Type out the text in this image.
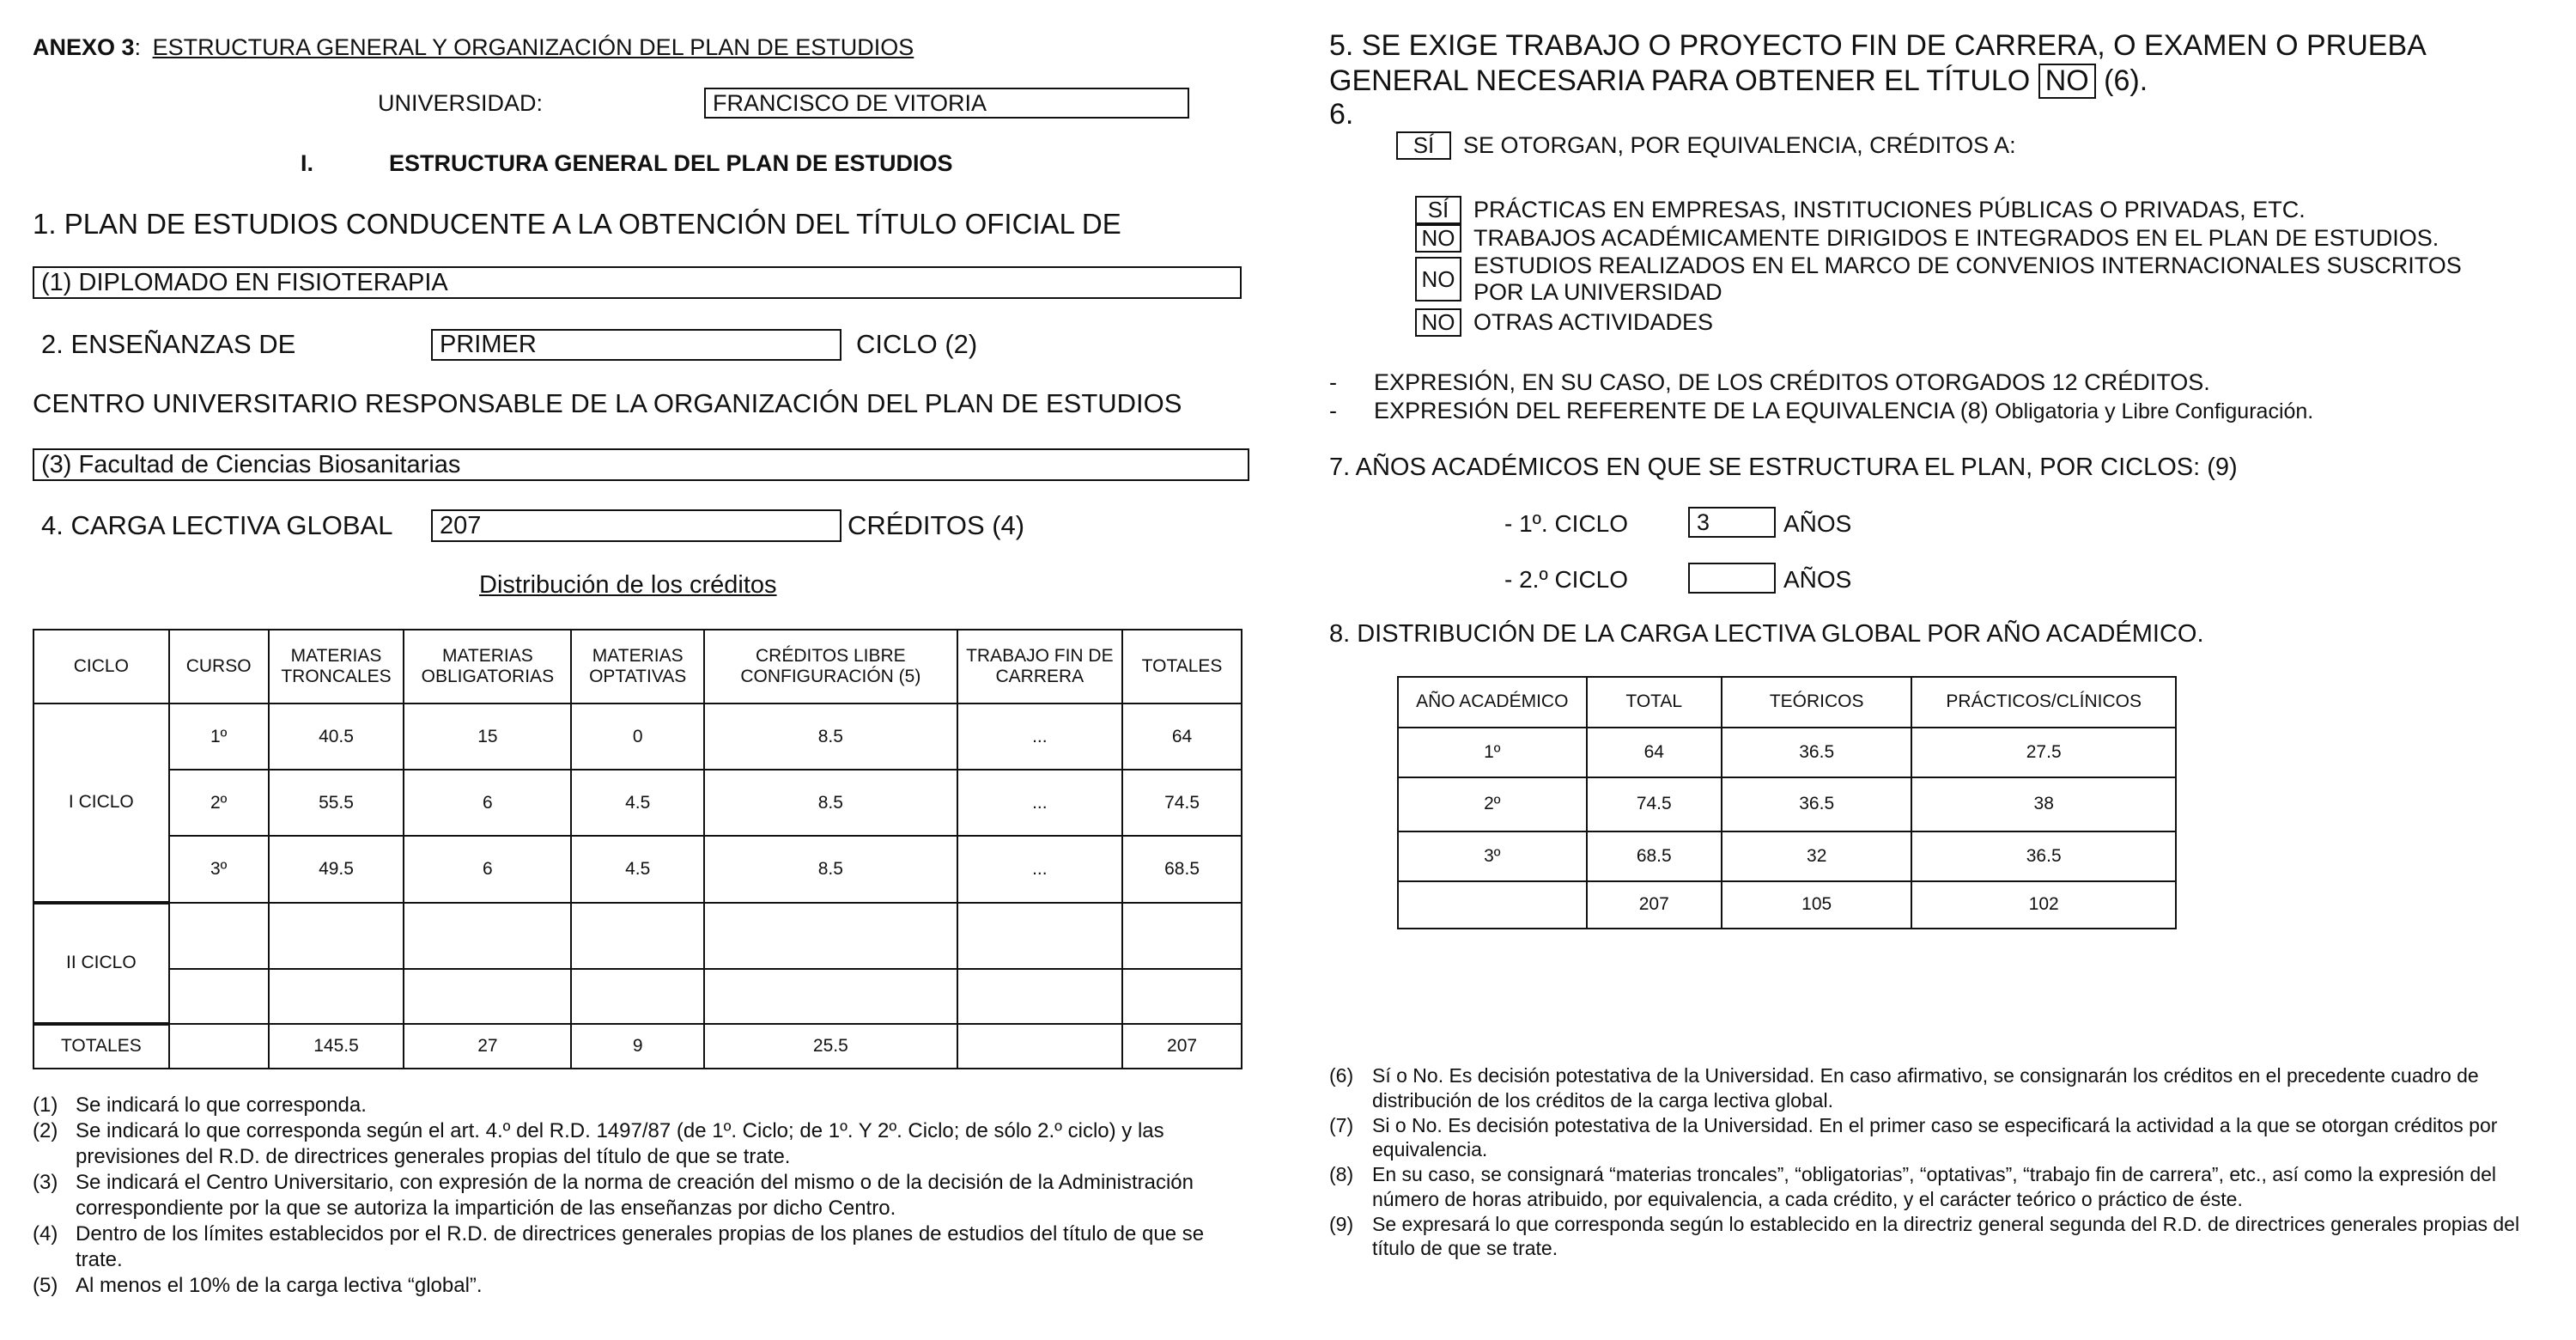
ANEXO 3: ESTRUCTURA GENERAL Y ORGANIZACIÓN DEL PLAN DE ESTUDIOS
UNIVERSIDAD:	FRANCISCO DE VITORIA
I.	ESTRUCTURA GENERAL DEL PLAN DE ESTUDIOS
1. PLAN DE ESTUDIOS CONDUCENTE A LA OBTENCIÓN DEL TÍTULO OFICIAL DE
(1) DIPLOMADO EN FISIOTERAPIA
2. ENSEÑANZAS DE	PRIMER	CICLO (2)
CENTRO UNIVERSITARIO RESPONSABLE DE LA ORGANIZACIÓN DEL PLAN DE ESTUDIOS
(3) Facultad de Ciencias Biosanitarias
4. CARGA LECTIVA GLOBAL	207	CRÉDITOS (4)
Distribución de los créditos
CICLO	CURSO	MATERIAS TRONCALES	MATERIAS OBLIGATORIAS	MATERIAS OPTATIVAS	CRÉDITOS LIBRE CONFIGURACIÓN (5)	TRABAJO FIN DE CARRERA	TOTALES
I CICLO	1º	40.5	15	0	8.5	...	64
	2º	55.5	6	4.5	8.5	...	74.5
	3º	49.5	6	4.5	8.5	...	68.5
II CICLO							

TOTALES		145.5	27	9	25.5		207
(1) Se indicará lo que corresponda.
(2) Se indicará lo que corresponda según el art. 4.º del R.D. 1497/87 (de 1º. Ciclo; de 1º. Y 2º. Ciclo; de sólo 2.º ciclo) y las previsiones del R.D. de directrices generales propias del título de que se trate.
(3) Se indicará el Centro Universitario, con expresión de la norma de creación del mismo o de la decisión de la Administración correspondiente por la que se autoriza la impartición de las enseñanzas por dicho Centro.
(4) Dentro de los límites establecidos por el R.D. de directrices generales propias de los planes de estudios del título de que se trate.
(5) Al menos el 10% de la carga lectiva “global”.
5. SE EXIGE TRABAJO O PROYECTO FIN DE CARRERA, O EXAMEN O PRUEBA
GENERAL NECESARIA PARA OBTENER EL TÍTULO NO (6).
6.
SÍ	SE OTORGAN, POR EQUIVALENCIA, CRÉDITOS A:
SÍ	PRÁCTICAS EN EMPRESAS, INSTITUCIONES PÚBLICAS O PRIVADAS, ETC.
NO TRABAJOS ACADÉMICAMENTE DIRIGIDOS E INTEGRADOS EN EL PLAN DE ESTUDIOS.
NO
ESTUDIOS REALIZADOS EN EL MARCO DE CONVENIOS INTERNACIONALES SUSCRITOS POR LA UNIVERSIDAD
NO OTRAS ACTIVIDADES
- EXPRESIÓN, EN SU CASO, DE LOS CRÉDITOS OTORGADOS 12 CRÉDITOS.
- EXPRESIÓN DEL REFERENTE DE LA EQUIVALENCIA (8) Obligatoria y Libre Configuración.
7. AÑOS ACADÉMICOS EN QUE SE ESTRUCTURA EL PLAN, POR CICLOS: (9)
- 1º. CICLO	3	AÑOS
- 2.º CICLO	AÑOS
8. DISTRIBUCIÓN DE LA CARGA LECTIVA GLOBAL POR AÑO ACADÉMICO.
AÑO ACADÉMICO	TOTAL	TEÓRICOS	PRÁCTICOS/CLÍNICOS
1º	64	36.5	27.5
2º	74.5	36.5	38
3º	68.5	32	36.5
	207	105	102
(6) Sí o No. Es decisión potestativa de la Universidad. En caso afirmativo, se consignarán los créditos en el precedente cuadro de distribución de los créditos de la carga lectiva global.
(7) Si o No. Es decisión potestativa de la Universidad. En el primer caso se especificará la actividad a la que se otorgan créditos por equivalencia.
(8) En su caso, se consignará “materias troncales”, “obligatorias”, “optativas”, “trabajo fin de carrera”, etc., así como la expresión del número de horas atribuido, por equivalencia, a cada crédito, y el carácter teórico o práctico de éste.
(9) Se expresará lo que corresponda según lo establecido en la directriz general segunda del R.D. de directrices generales propias del título de que se trate.
